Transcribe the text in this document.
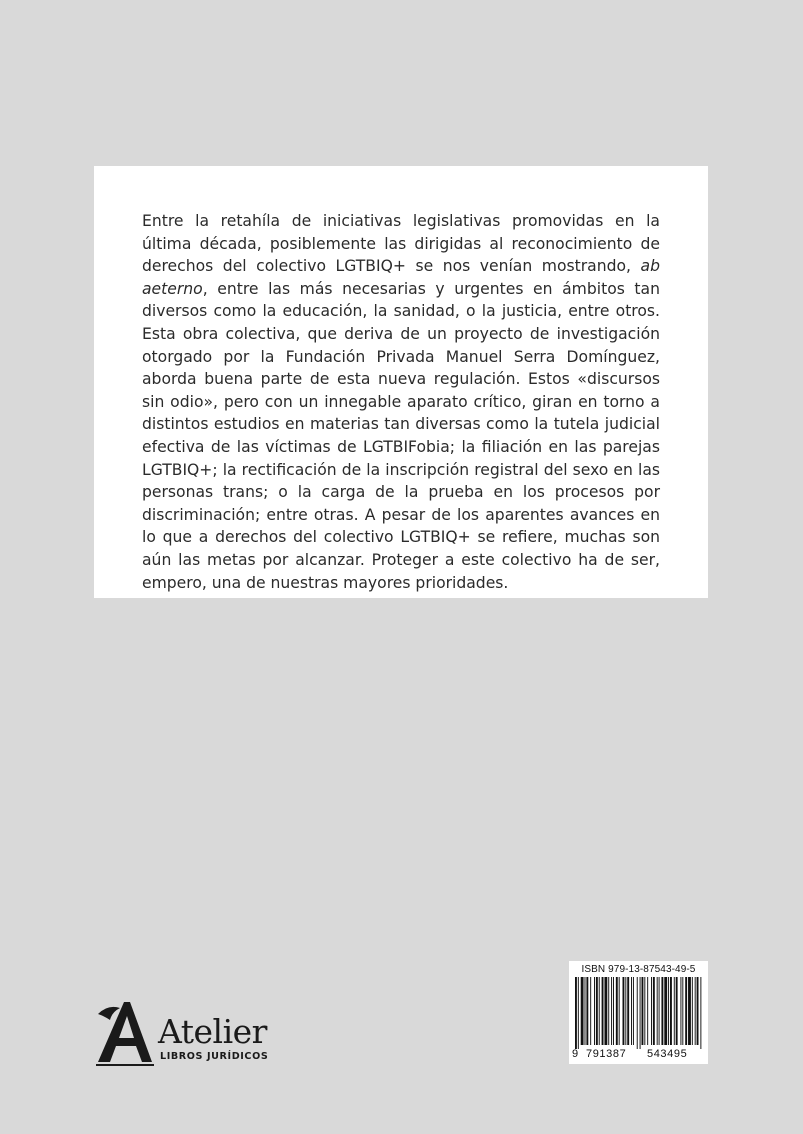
Entre la retahíla de iniciativas legislativas promovidas en la última década, posiblemente las dirigidas al reconocimiento de derechos del colectivo LGTBIQ+ se nos venían mostrando, ab aeterno, entre las más necesarias y urgentes en ámbitos tan diversos como la educación, la sanidad, o la justicia, entre otros. Esta obra colectiva, que deriva de un proyecto de investigación otorgado por la Fundación Privada Manuel Serra Domínguez, aborda buena parte de esta nueva regulación. Estos «discursos sin odio», pero con un innegable aparato crítico, giran en torno a distintos estudios en materias tan diversas como la tutela judicial efectiva de las víctimas de LGTBIFobia; la filiación en las parejas LGTBIQ+; la rectificación de la inscripción registral del sexo en las personas trans; o la carga de la prueba en los procesos por discriminación; entre otras. A pesar de los aparentes avances en lo que a derechos del colectivo LGTBIQ+ se refiere, muchas son aún las metas por alcanzar. Proteger a este colectivo ha de ser, empero, una de nuestras mayores prioridades.

Atelier
LIBROS JURÍDICOS
ISBN 979-13-87543-49-5
9 791387 543495
